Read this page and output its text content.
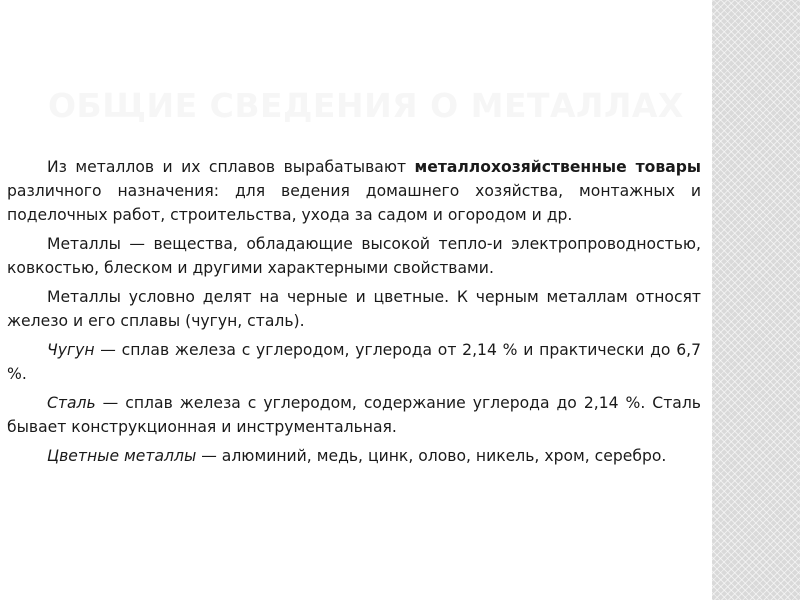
ОБЩИЕ СВЕДЕНИЯ О МЕТАЛЛАХ

Из металлов и их сплавов вырабатывают металлохозяйственные товары различного назначения: для ведения домашнего хозяйства, монтажных и поделочных работ, строительства, ухода за садом и огородом и др.

Металлы — вещества, обладающие высокой тепло-и электропроводностью, ковкостью, блеском и другими характерными свойствами.

Металлы условно делят на черные и цветные. К черным металлам относят железо и его сплавы (чугун, сталь).

Чугун — сплав железа с углеродом, углерода от 2,14 % и практически до 6,7 %.

Сталь — сплав железа с углеродом, содержание углерода до 2,14 %. Сталь бывает конструкционная и инструментальная.

Цветные металлы — алюминий, медь, цинк, олово, никель, хром, серебро.
